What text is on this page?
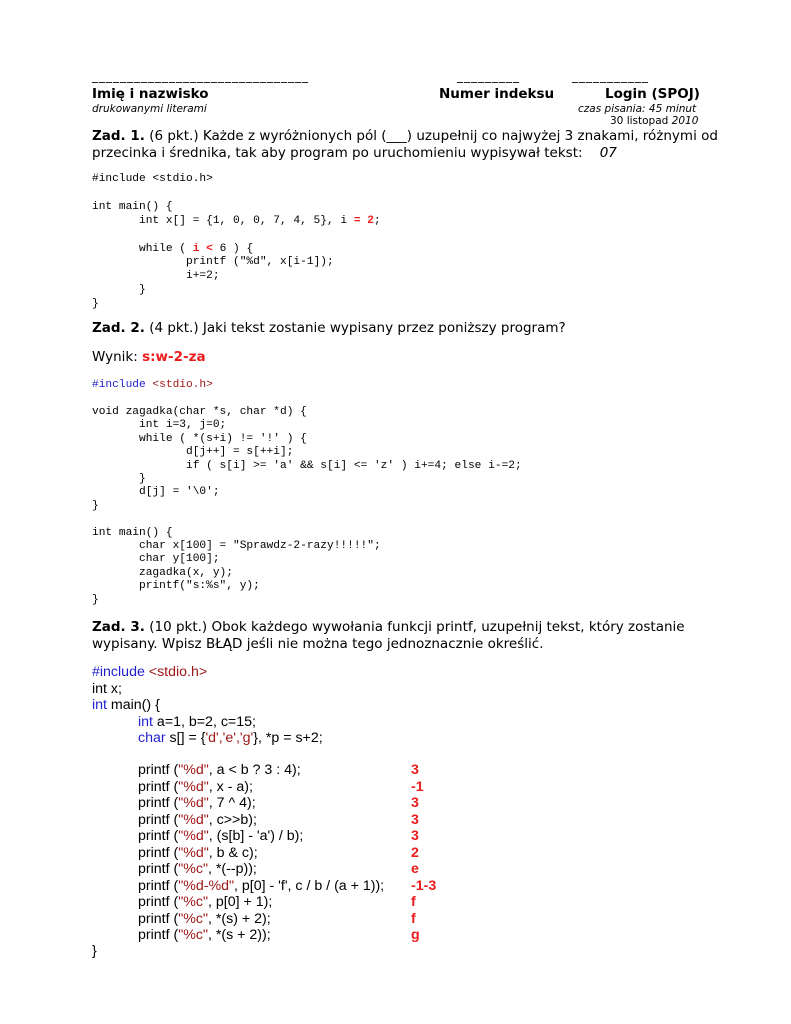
_______________________________	_________	___________
Imię i nazwisko	Numer indeksu	Login (SPOJ)
drukowanymi literami	czas pisania: 45 minut
30 listopad 2010
Zad. 1. (6 pkt.) Każde z wyróżnionych pól (___) uzupełnij co najwyżej 3 znakami, różnymi od
przecinka i średnika, tak aby program po uruchomieniu wypisywał tekst: 07
#include <stdio.h>

int main() {
int x[] = {1, 0, 0, 7, 4, 5}, i = 2;

while ( i < 6 ) {
printf ("%d", x[i-1]);
i+=2;
}
}
Zad. 2. (4 pkt.) Jaki tekst zostanie wypisany przez poniższy program?
Wynik: s:w-2-za
#include <stdio.h>
void zagadka(char *s, char *d) {
int i=3, j=0;
while ( *(s+i) != '!' ) {
d[j++] = s[++i];
if ( s[i] >= 'a' && s[i] <= 'z' ) i+=4; else i-=2;
}
d[j] = '\0';
}

int main() {
char x[100] = "Sprawdz-2-razy!!!!!";
char y[100];
zagadka(x, y);
printf("s:%s", y);
}
Zad. 3. (10 pkt.) Obok każdego wywołania funkcji printf, uzupełnij tekst, który zostanie
wypisany. Wpisz BŁĄD jeśli nie można tego jednoznacznie określić.
#include <stdio.h>
int x;
int main() {
int a=1, b=2, c=15;
char s[] = {'d','e','g'}, *p = s+2;
printf ("%d", a < b ? 3 : 4);	3
printf ("%d", x - a);	-1
printf ("%d", 7 ^ 4);	3
printf ("%d", c>>b);	3
printf ("%d", (s[b] - 'a') / b);	3
printf ("%d", b & c);	2
printf ("%c", *(--p));	e
printf ("%d-%d", p[0] - 'f', c / b / (a + 1)); -1-3
printf ("%c", p[0] + 1);	f
printf ("%c", *(s) + 2);	f
printf ("%c", *(s + 2));	g
}
